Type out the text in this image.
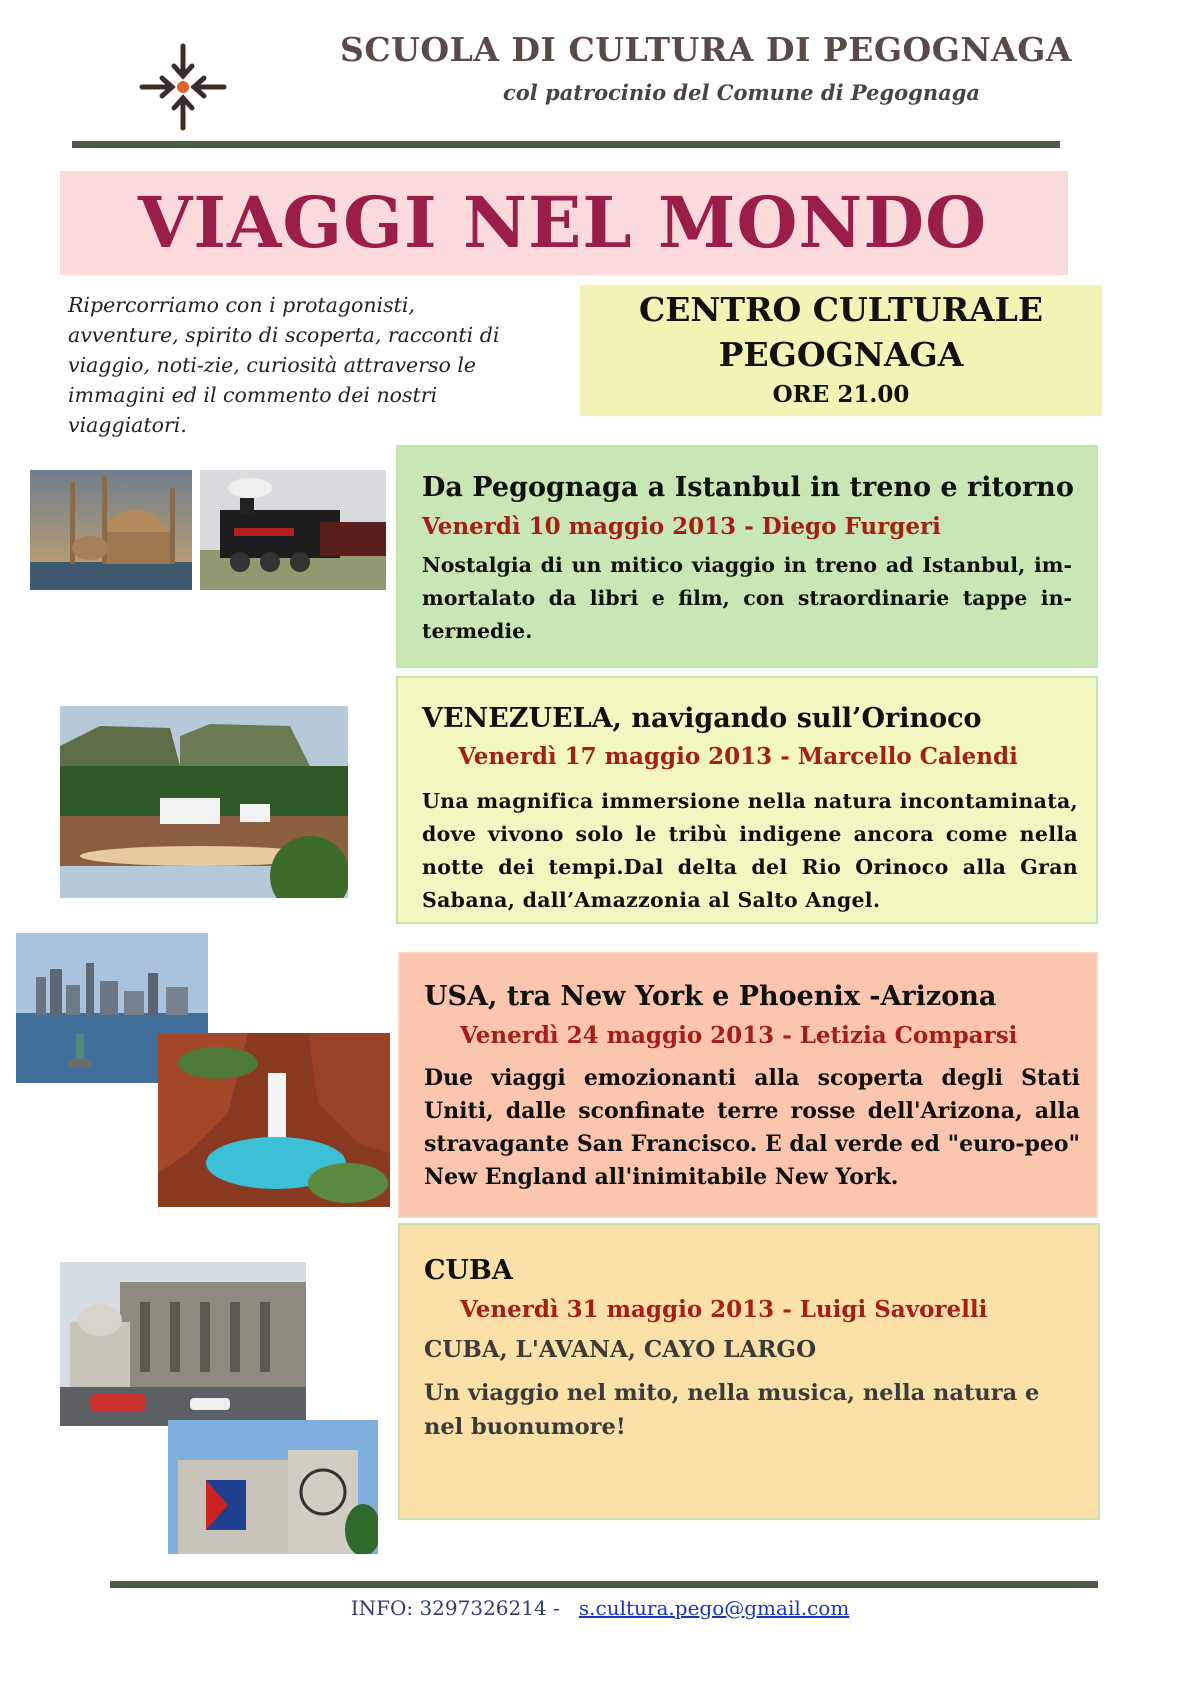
SCUOLA DI CULTURA DI PEGOGNAGA
col patrocinio del Comune di Pegognaga
VIAGGI NEL MONDO
Ripercorriamo con i protagonisti, avventure, spirito di scoperta, racconti di viaggio, noti-zie, curiosità attraverso le immagini ed il commento dei nostri viaggiatori.
CENTRO CULTURALE
PEGOGNAGA
ORE 21.00
Da Pegognaga a Istanbul in treno e ritorno
Venerdì 10 maggio 2013 - Diego Furgeri
Nostalgia di un mitico viaggio in treno ad Istanbul, im-mortalato da libri e film, con straordinarie tappe in-termedie.
VENEZUELA, navigando sull’Orinoco
Venerdì 17 maggio 2013 - Marcello Calendi
Una magnifica immersione nella natura incontaminata, dove vivono solo le tribù indigene ancora come nella notte dei tempi.Dal delta del Rio Orinoco alla Gran Sabana, dall’Amazzonia al Salto Angel.
USA, tra New York e Phoenix -Arizona
Venerdì 24 maggio 2013 - Letizia Comparsi
Due viaggi emozionanti alla scoperta degli Stati Uniti, dalle sconfinate terre rosse dell'Arizona, alla stravagante San Francisco. E dal verde ed "euro-peo" New England all'inimitabile New York.
CUBA
Venerdì 31 maggio 2013 - Luigi Savorelli
CUBA, L'AVANA, CAYO LARGO
Un viaggio nel mito, nella musica, nella natura e nel buonumore!
INFO: 3297326214 - s.cultura.pego@gmail.com
